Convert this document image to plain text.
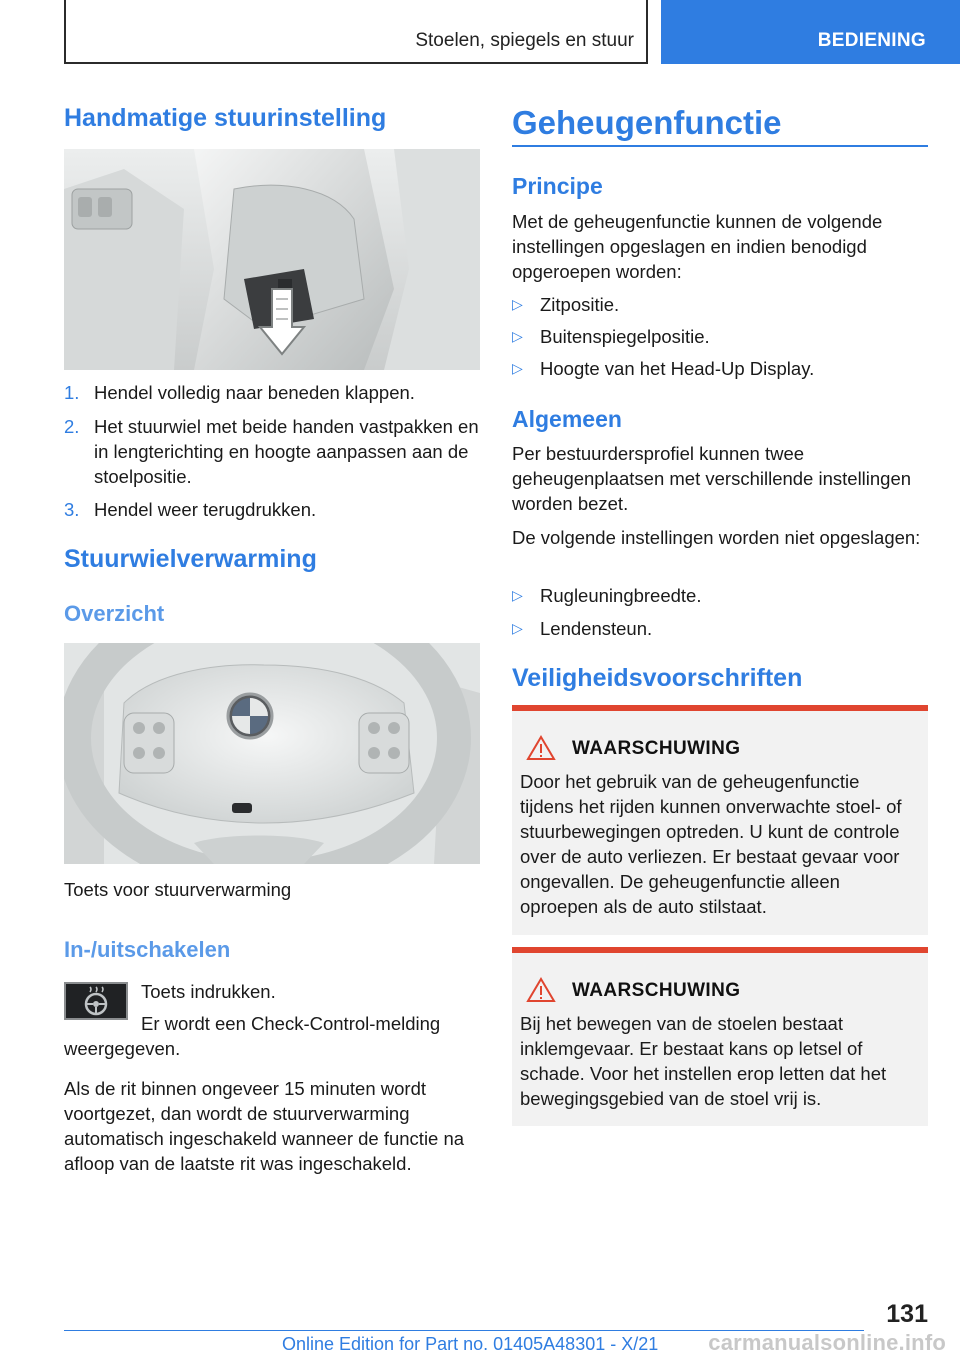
Stoelen, spiegels en stuur	BEDIENING
Handmatige stuurinstelling
1. Hendel volledig naar beneden klappen.
2. Het stuurwiel met beide handen vastpakken en in lengterichting en hoogte aanpassen aan de stoelpositie.
3. Hendel weer terugdrukken.
Stuurwielverwarming
Overzicht
Toets voor stuurverwarming
In-/uitschakelen
Toets indrukken.
Er wordt een Check-Control-melding
weergegeven.
Als de rit binnen ongeveer 15 minuten wordt voortgezet, dan wordt de stuurverwarming automatisch ingeschakeld wanneer de functie na afloop van de laatste rit was ingeschakeld.
Geheugenfunctie
Principe
Met de geheugenfunctie kunnen de volgende instellingen opgeslagen en indien benodigd opgeroepen worden:
▷ Zitpositie.
▷ Buitenspiegelpositie.
▷ Hoogte van het Head-Up Display.
Algemeen
Per bestuurdersprofiel kunnen twee geheugenplaatsen met verschillende instellingen worden bezet.
De volgende instellingen worden niet opgeslagen:
▷ Rugleuningbreedte.
▷ Lendensteun.
Veiligheidsvoorschriften
WAARSCHUWING
Door het gebruik van de geheugenfunctie tijdens het rijden kunnen onverwachte stoel- of stuurbewegingen optreden. U kunt de controle over de auto verliezen. Er bestaat gevaar voor ongevallen. De geheugenfunctie alleen oproepen als de auto stilstaat.
WAARSCHUWING
Bij het bewegen van de stoelen bestaat inklemgevaar. Er bestaat kans op letsel of schade. Voor het instellen erop letten dat het bewegingsgebied van de stoel vrij is.
131
Online Edition for Part no. 01405A48301 - X/21 carmanualsonline.info
